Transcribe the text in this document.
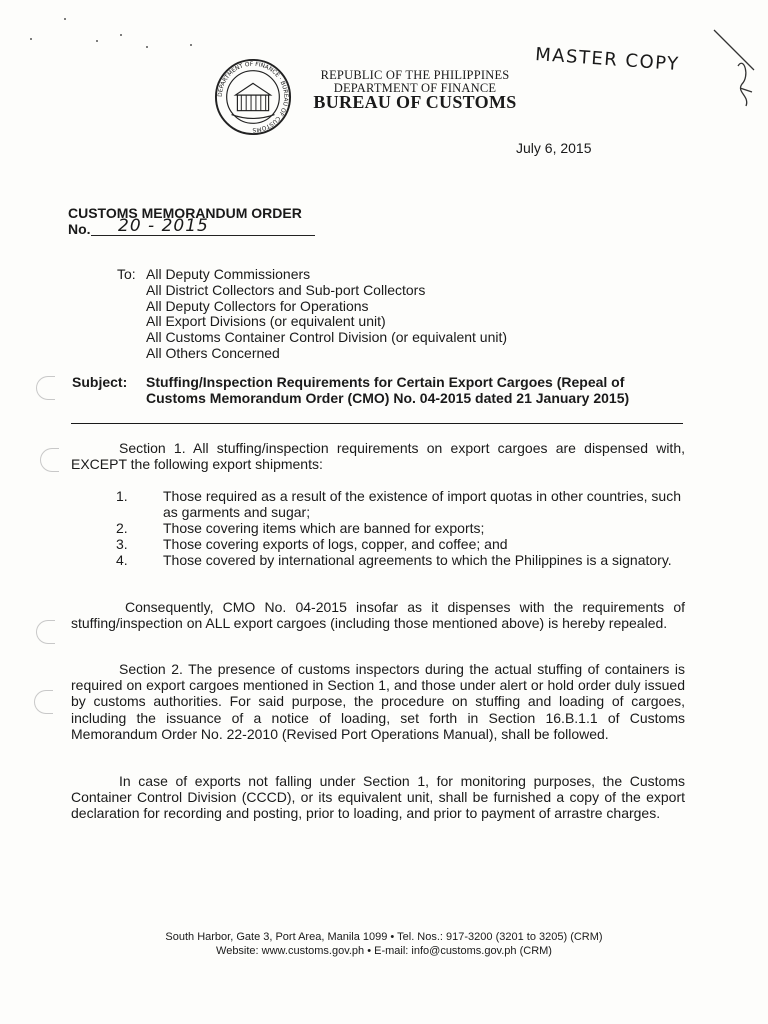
DEPARTMENT OF FINANCE · BUREAU OF CUSTOMS
REPUBLIC OF THE PHILIPPINES
DEPARTMENT OF FINANCE
BUREAU OF CUSTOMS
MASTER COPY
July 6, 2015
CUSTOMS MEMORANDUM ORDER
No. 20 - 2015
To: All Deputy Commissioners
All District Collectors and Sub-port Collectors
All Deputy Collectors for Operations
All Export Divisions (or equivalent unit)
All Customs Container Control Division (or equivalent unit)
All Others Concerned
Subject: Stuffing/Inspection Requirements for Certain Export Cargoes (Repeal of
Customs Memorandum Order (CMO) No. 04-2015 dated 21 January 2015)
Section 1. All stuffing/inspection requirements on export cargoes are dispensed with, EXCEPT the following export shipments:
1.	Those required as a result of the existence of import quotas in other countries, such as garments and sugar;
2.	Those covering items which are banned for exports;
3.	Those covering exports of logs, copper, and coffee; and
4.	Those covered by international agreements to which the Philippines is a signatory.
Consequently, CMO No. 04-2015 insofar as it dispenses with the requirements of stuffing/inspection on ALL export cargoes (including those mentioned above) is hereby repealed.
Section 2. The presence of customs inspectors during the actual stuffing of containers is required on export cargoes mentioned in Section 1, and those under alert or hold order duly issued by customs authorities. For said purpose, the procedure on stuffing and loading of cargoes, including the issuance of a notice of loading, set forth in Section 16.B.1.1 of Customs Memorandum Order No. 22-2010 (Revised Port Operations Manual), shall be followed.
In case of exports not falling under Section 1, for monitoring purposes, the Customs Container Control Division (CCCD), or its equivalent unit, shall be furnished a copy of the export declaration for recording and posting, prior to loading, and prior to payment of arrastre charges.
South Harbor, Gate 3, Port Area, Manila 1099 • Tel. Nos.: 917-3200 (3201 to 3205) (CRM)
Website: www.customs.gov.ph • E-mail: info@customs.gov.ph (CRM)
